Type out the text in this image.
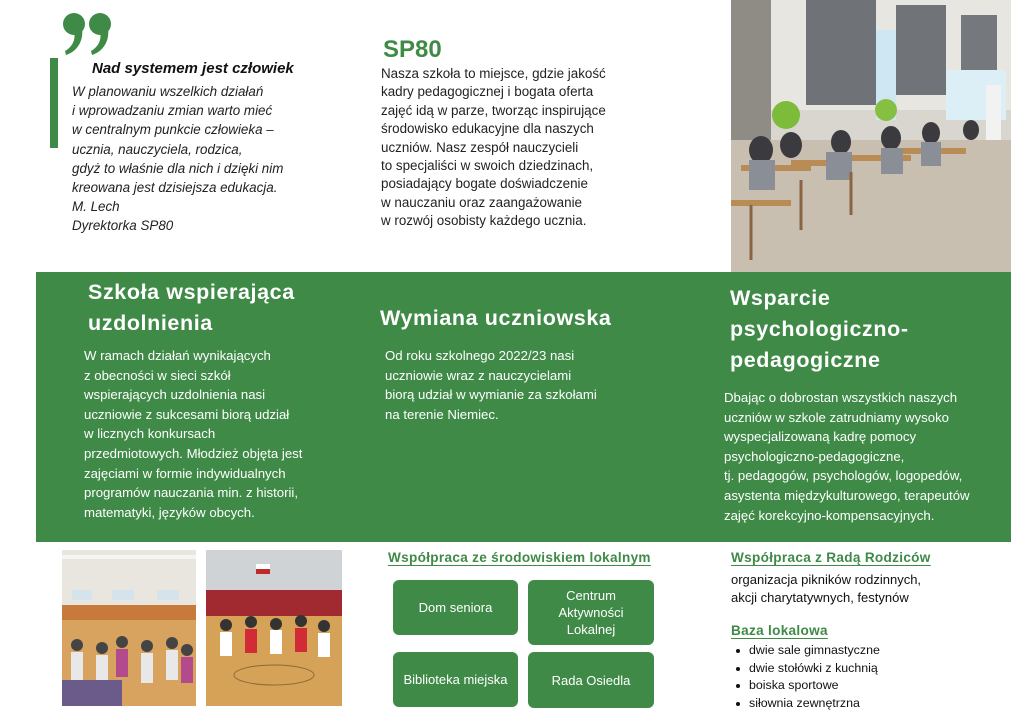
Nad systemem jest człowiek
W planowaniu wszelkich działań
i wprowadzaniu zmian warto mieć
w centralnym punkcie człowieka –
ucznia, nauczyciela, rodzica,
gdyż to właśnie dla nich i dzięki nim
kreowana jest dzisiejsza edukacja.
M. Lech
Dyrektorka SP80
SP80
Nasza szkoła to miejsce, gdzie jakość
kadry pedagogicznej i bogata oferta
zajęć idą w parze, tworząc inspirujące
środowisko edukacyjne dla naszych
uczniów. Nasz zespół nauczycieli
to specjaliści w swoich dziedzinach,
posiadający bogate doświadczenie
w nauczaniu oraz zaangażowanie
w rozwój osobisty każdego ucznia.
Szkoła wspierająca
uzdolnienia
W ramach działań wynikających
z obecności w sieci szkół
wspierających uzdolnienia nasi
uczniowie z sukcesami biorą udział
w licznych konkursach
przedmiotowych. Młodzież objęta jest
zajęciami w formie indywidualnych
programów nauczania min. z historii,
matematyki, języków obcych.
Wymiana uczniowska
Od roku szkolnego 2022/23 nasi
uczniowie wraz z nauczycielami
biorą udział w wymianie za szkołami
na terenie Niemiec.
Wsparcie
psychologiczno-
pedagogiczne
Dbając o dobrostan wszystkich naszych
uczniów w szkole zatrudniamy wysoko
wyspecjalizowaną kadrę pomocy
psychologiczno-pedagogiczne,
tj. pedagogów, psychologów, logopedów,
asystenta międzykulturowego, terapeutów
zajęć korekcyjno-kompensacyjnych.
Współpraca ze środowiskiem lokalnym
Dom seniora
Centrum Aktywności Lokalnej
Biblioteka miejska	Rada Osiedla
Współpraca z Radą Rodziców
organizacja pikników rodzinnych,
akcji charytatywnych, festynów
Baza lokalowa
dwie sale gimnastyczne
dwie stołówki z kuchnią
boiska sportowe
siłownia zewnętrzna
